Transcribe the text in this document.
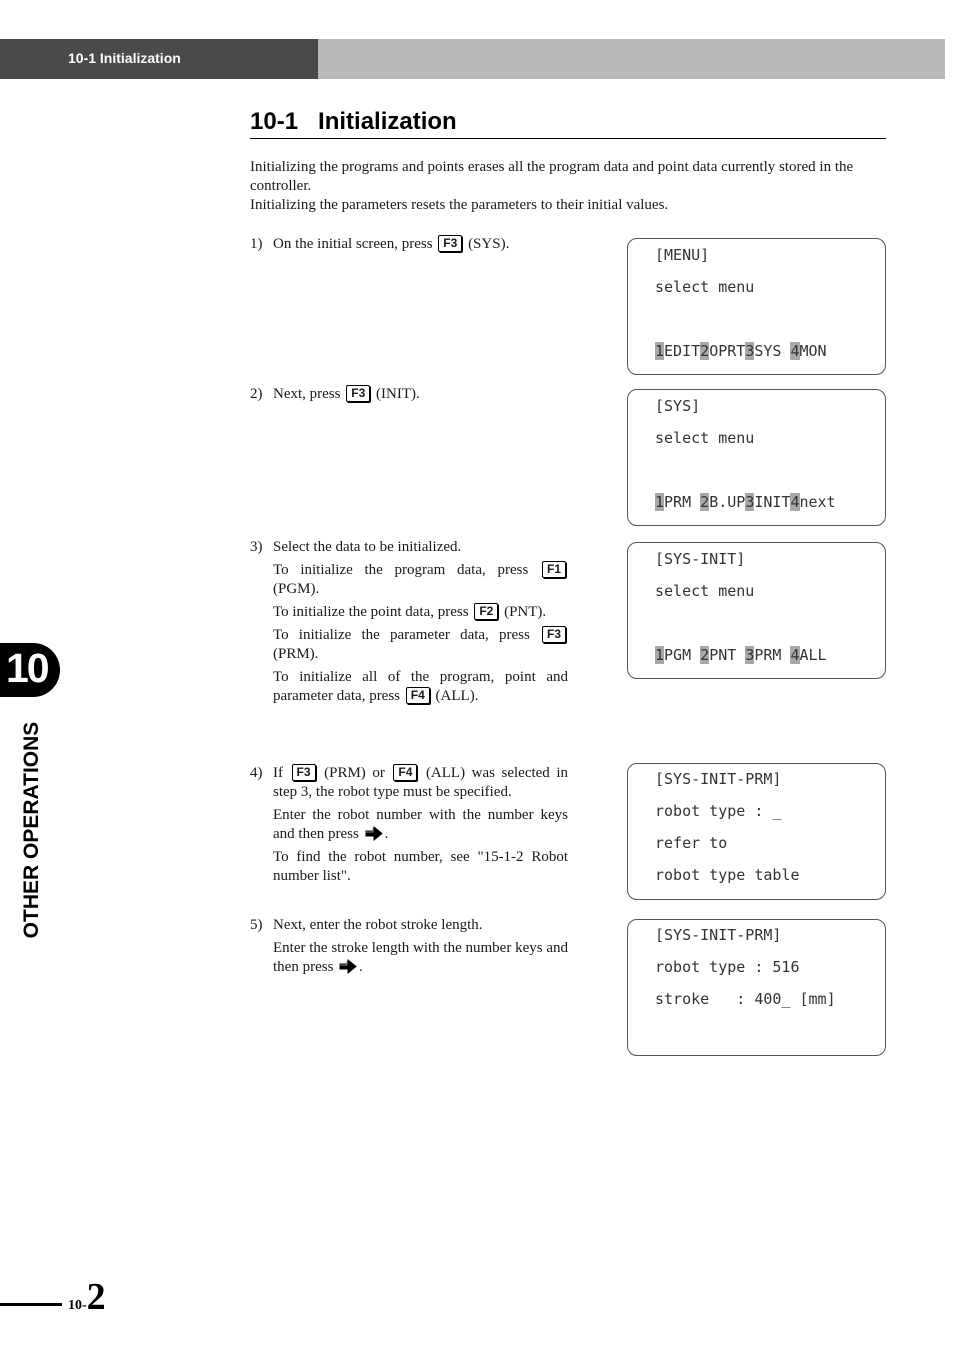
10-1 Initialization
10-1   Initialization

Initializing the programs and points erases all the program data and point data currently stored in the controller.

Initializing the parameters resets the parameters to their initial values.

1) On the initial screen, press F3 (SYS).

2) Next, press F3 (INIT).

3) Select the data to be initialized.

To initialize the program data, press F1 (PGM).

To initialize the point data, press F2 (PNT).

To initialize the parameter data, press F3 (PRM).

To initialize all of the program, point and parameter data, press F4 (ALL).

4) If F3 (PRM) or F4 (ALL) was selected in step 3, the robot type must be specified.

Enter the robot number with the number keys and then press .

To find the robot number, see "15-1-2 Robot number list".

5) Next, enter the robot stroke length.

Enter the stroke length with the number keys and then press .

[MENU]
select menu
1EDIT2OPRT3SYS 4MON
[SYS]
select menu
1PRM 2B.UP3INIT4next
[SYS-INIT]
select menu
1PGM 2PNT 3PRM 4ALL
[SYS-INIT-PRM]
robot type : _
refer to
robot type table
[SYS-INIT-PRM]
robot type : 516
stroke   : 400_ [mm]
10
OTHER OPERATIONS
10-2
